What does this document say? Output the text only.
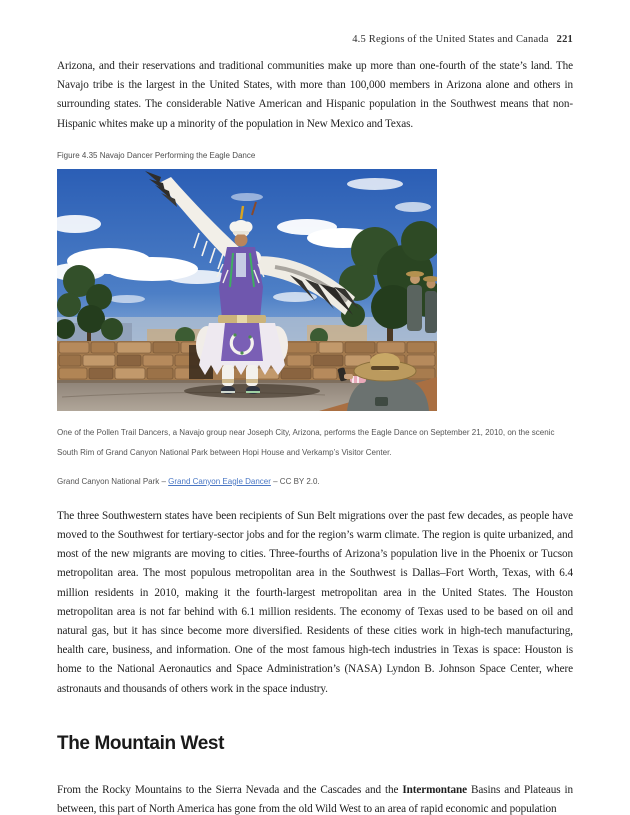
4.5 Regions of the United States and Canada 221

Arizona, and their reservations and traditional communities make up more than one-fourth of the state’s land. The Navajo tribe is the largest in the United States, with more than 100,000 members in Arizona alone and others in surrounding states. The considerable Native American and Hispanic population in the Southwest means that non-Hispanic whites make up a minority of the population in New Mexico and Texas.

Figure 4.35 Navajo Dancer Performing the Eagle Dance
One of the Pollen Trail Dancers, a Navajo group near Joseph City, Arizona, performs the Eagle Dance on September 21, 2010, on the scenic South Rim of Grand Canyon National Park between Hopi House and Verkamp’s Visitor Center.
Grand Canyon National Park – Grand Canyon Eagle Dancer – CC BY 2.0.

The three Southwestern states have been recipients of Sun Belt migrations over the past few decades, as people have moved to the Southwest for tertiary-sector jobs and for the region’s warm climate. The region is quite urbanized, and most of the new migrants are moving to cities. Three-fourths of Arizona’s population live in the Phoenix or Tucson metropolitan area. The most populous metropolitan area in the Southwest is Dallas–Fort Worth, Texas, with 6.4 million residents in 2010, making it the fourth-largest metropolitan area in the United States. The Houston metropolitan area is not far behind with 6.1 million residents. The economy of Texas used to be based on oil and natural gas, but it has since become more diversified. Residents of these cities work in high-tech manufacturing, health care, business, and information. One of the most famous high-tech industries in Texas is space: Houston is home to the National Aeronautics and Space Administration’s (NASA) Lyndon B. Johnson Space Center, where astronauts and thousands of others work in the space industry.

The Mountain West

From the Rocky Mountains to the Sierra Nevada and the Cascades and the Intermontane Basins and Plateaus in between, this part of North America has gone from the old Wild West to an area of rapid economic and population
